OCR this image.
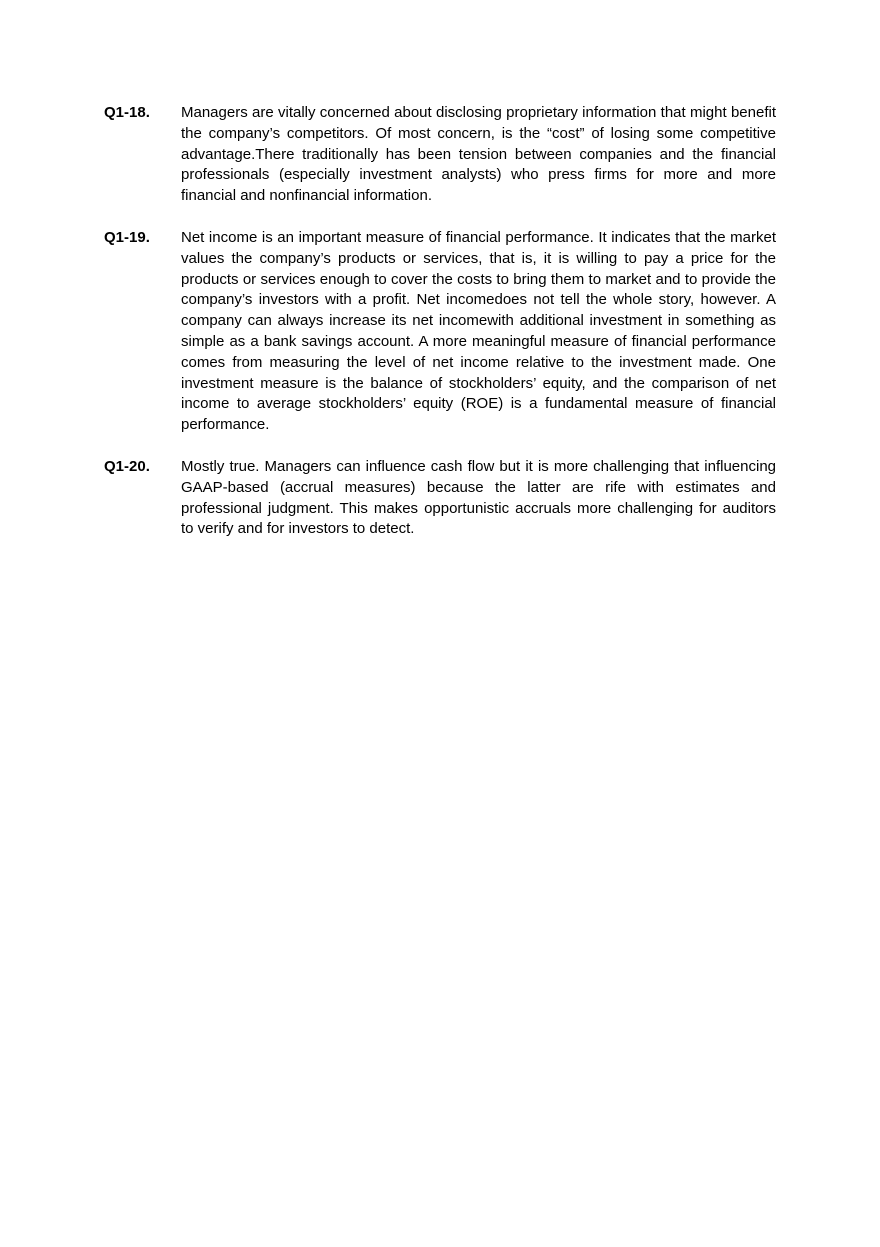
Q1-18. Managers are vitally concerned about disclosing proprietary information that might benefit the company’s competitors. Of most concern, is the “cost” of losing some competitive advantage.There traditionally has been tension between companies and the financial professionals (especially investment analysts) who press firms for more and more financial and nonfinancial information.

Q1-19. Net income is an important measure of financial performance. It indicates that the market values the company’s products or services, that is, it is willing to pay a price for the products or services enough to cover the costs to bring them to market and to provide the company’s investors with a profit. Net incomedoes not tell the whole story, however. A company can always increase its net incomewith additional investment in something as simple as a bank savings account. A more meaningful measure of financial performance comes from measuring the level of net income relative to the investment made. One investment measure is the balance of stockholders’ equity, and the comparison of net income to average stockholders’ equity (ROE) is a fundamental measure of financial performance.

Q1-20. Mostly true. Managers can influence cash flow but it is more challenging that influencing GAAP-based (accrual measures) because the latter are rife with estimates and professional judgment. This makes opportunistic accruals more challenging for auditors to verify and for investors to detect.
